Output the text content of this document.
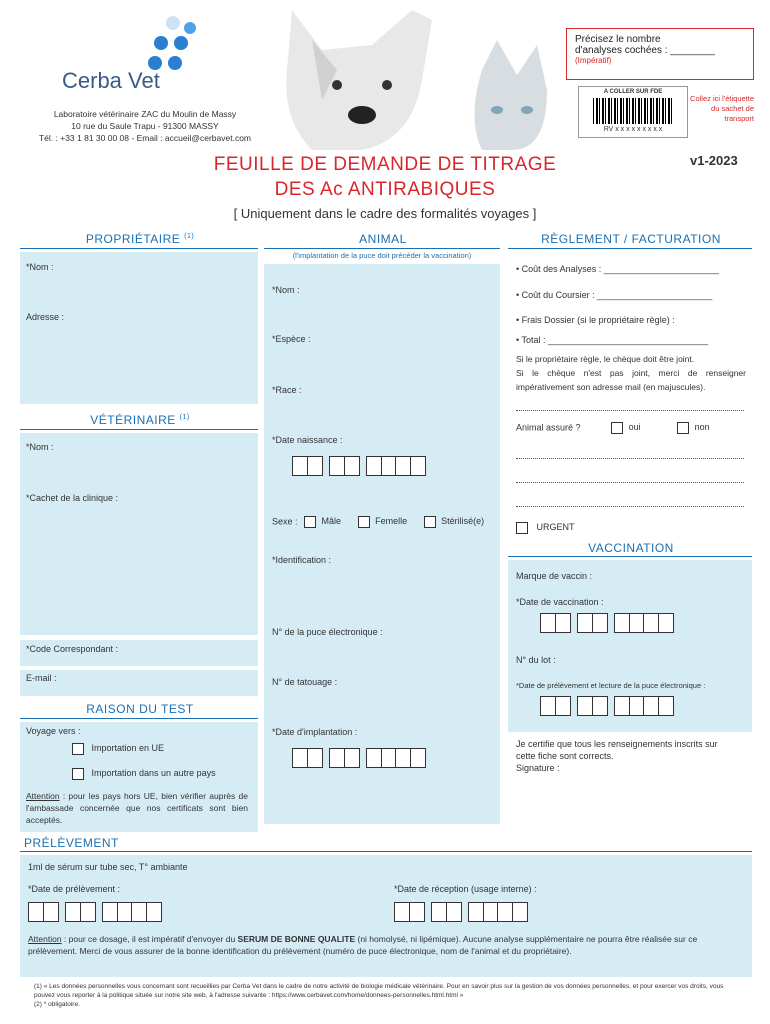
Cerba Vet
Laboratoire vétérinaire ZAC du Moulin de Massy
10 rue du Saule Trapu - 91300 MASSY
Tél. : +33 1 81 30 00 08 - Email : accueil@cerbavet.com
Précisez le nombre
d'analyses cochées : ________
(Impératif)
A COLLER SUR FDE
RV x x x x x x x x x
Collez ici l'étiquette du sachet de transport
FEUILLE DE DEMANDE DE TITRAGE
DES Ac ANTIRABIQUES
v1-2023
[ Uniquement dans le cadre des formalités voyages ]
PROPRIÉTAIRE $^{(1)}$
*Nom :
Adresse :
VÉTÉRINAIRE $^{(1)}$
*Nom :
*Cachet de la clinique :
*Code Correspondant :
E-mail :
RAISON DU TEST
Voyage vers :
Importation en UE
Importation dans un autre pays
Attention : pour les pays hors UE, bien vérifier auprès de l'ambassade concernée que nos certificats sont bien acceptés.
ANIMAL
(l'implantation de la puce doit précéder la vaccination)
*Nom :
*Espèce :
*Race :
*Date naissance :
Sexe :	Mâle	Femelle	Stérilisé(e)
*Identification :
N° de la puce électronique :
N° de tatouage :
*Date d'implantation :
RÈGLEMENT / FACTURATION
• Coût des Analyses : _______________________
• Coût du Coursier : _______________________
• Frais Dossier (si le propriétaire règle) :
• Total : ________________________________
Si le propriétaire règle, le chèque doit être joint.
Si le chèque n'est pas joint, merci de renseigner impérativement son adresse mail (en majuscules).
Animal assuré ?	oui	non
URGENT
VACCINATION
Marque de vaccin :
*Date de vaccination :
N° du lot :
*Date de prélèvement et lecture de la puce électronique :
Je certifie que tous les renseignements inscrits sur cette fiche sont corrects.
Signature :
PRÉLÈVEMENT
1ml de sérum sur tube sec, T° ambiante
*Date de prélèvement :	*Date de réception (usage interne) :
Attention : pour ce dosage, il est impératif d'envoyer du SERUM DE BONNE QUALITE (ni homolysé, ni lipémique). Aucune analyse supplémentaire ne pourra être réalisée sur ce prélèvement. Merci de vous assurer de la bonne identification du prélèvement (numéro de puce électronique, nom de l'animal et du propriétaire).
(1) « Les données personnelles vous concernant sont recueillies par Cerba Vet dans le cadre de notre activité de biologie médicale vétérinaire. Pour en savoir plus sur la gestion de vos données personnelles, et pour exercer vos droits, vous pouvez vous reporter à la politique située sur notre site web, à l'adresse suivante : https://www.cerbavet.com/home/donnees-personnelles.html.html »
(2) * obligatoire.
